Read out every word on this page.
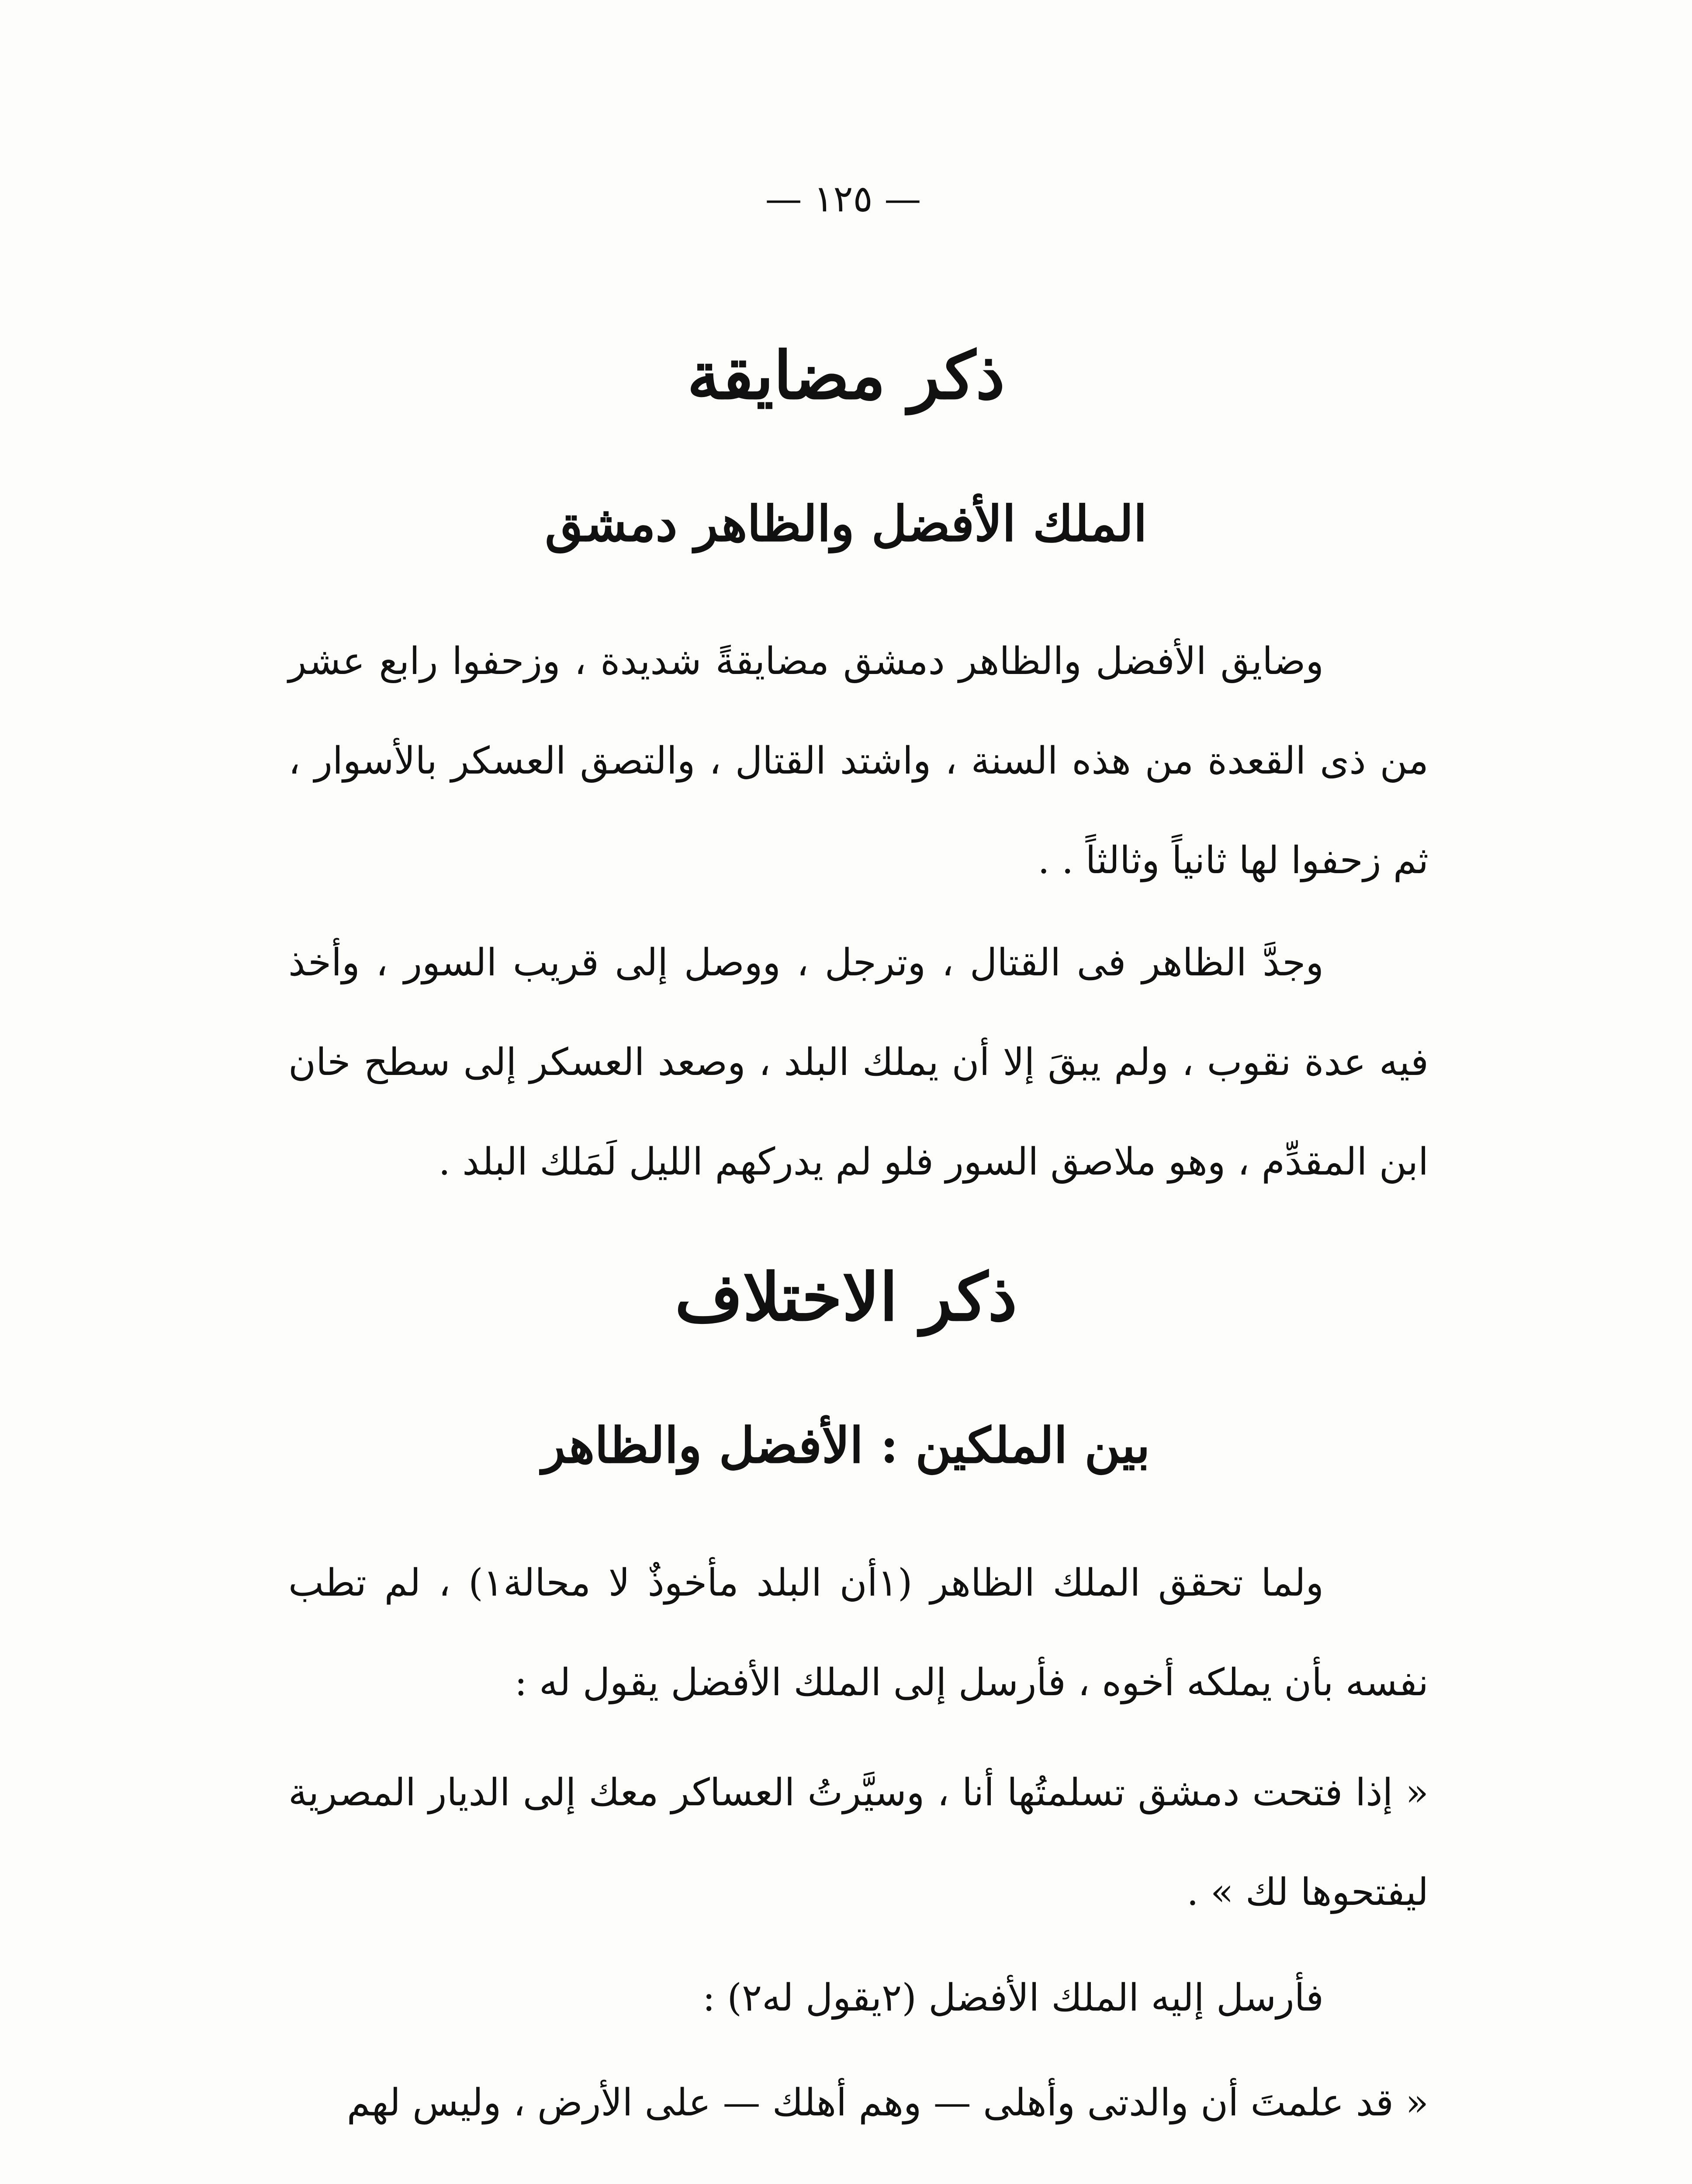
— ١٢٥ —
ذكر مضايقة
الملك الأفضل والظاهر دمشق

وضايق الأفضل والظاهر دمشق مضايقةً شديدة ، وزحفوا رابع عشر من ذى القعدة من هذه السنة ، واشتد القتال ، والتصق العسكر بالأسوار ، ثم زحفوا لها ثانياً وثالثاً . .

وجدَّ الظاهر فى القتال ، وترجل ، ووصل إلى قريب السور ، وأخذ فيه عدة نقوب ، ولم يبقَ إلا أن يملك البلد ، وصعد العسكر إلى سطح خان ابن المقدِّم ، وهو ملاصق السور فلو لم يدركهم الليل لَمَلك البلد .

ذكر الاختلاف
بين الملكين : الأفضل والظاهر

ولما تحقق الملك الظاهر (١أن البلد مأخوذٌ لا محالة١) ، لم تطب نفسه بأن يملكه أخوه ، فأرسل إلى الملك الأفضل يقول له :

« إذا فتحت دمشق تسلمتُها أنا ، وسيَّرتُ العساكر معك إلى الديار المصرية ليفتحوها لك » .

فأرسل إليه الملك الأفضل (٢يقول له٢) :

« قد علمتَ أن والدتى وأهلى — وهم أهلك — على الأرض ، وليس لهم
